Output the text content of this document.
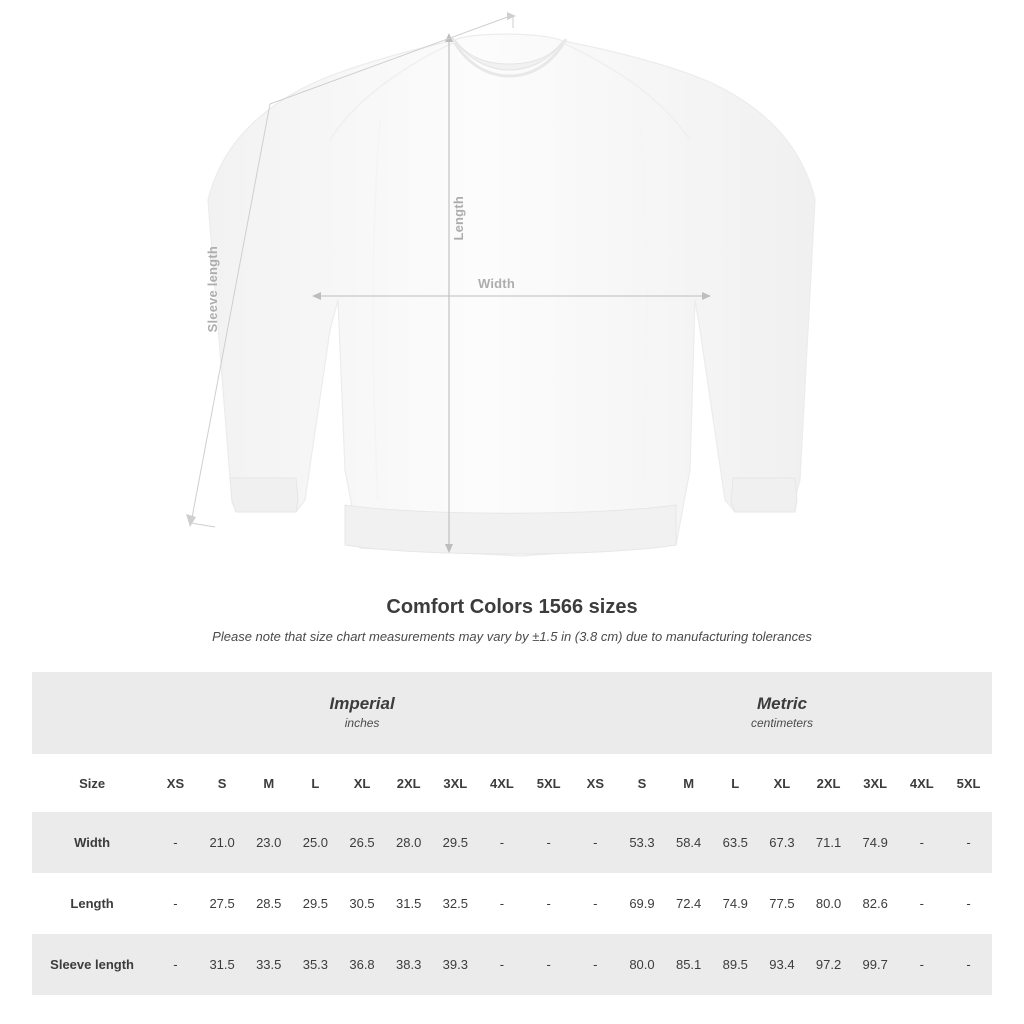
Length
Width
Sleeve length
Comfort Colors 1566 sizes
Please note that size chart measurements may vary by ±1.5 in (3.8 cm) due to manufacturing tolerances

Imperial
inches

Metric
centimeters

Size	XS	S	M	L	XL	2XL	3XL	4XL	5XL	XS	S	M	L	XL	2XL	3XL	4XL	5XL
Width	-	21.0	23.0	25.0	26.5	28.0	29.5	-	-	-	53.3	58.4	63.5	67.3	71.1	74.9	-	-
Length	-	27.5	28.5	29.5	30.5	31.5	32.5	-	-	-	69.9	72.4	74.9	77.5	80.0	82.6	-	-
Sleeve length	-	31.5	33.5	35.3	36.8	38.3	39.3	-	-	-	80.0	85.1	89.5	93.4	97.2	99.7	-	-
